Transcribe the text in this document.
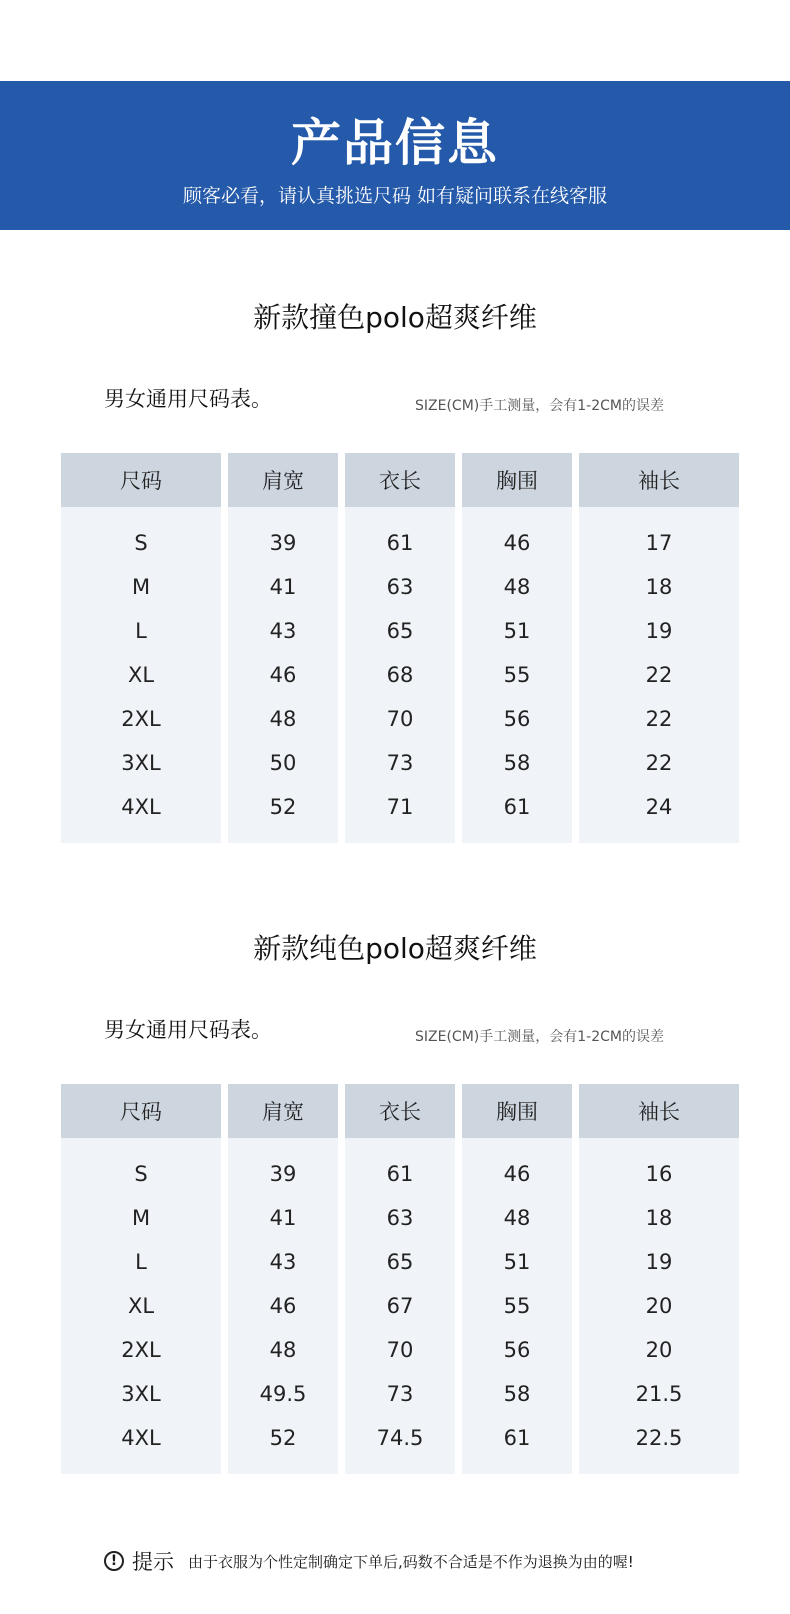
产品信息
顾客必看，请认真挑选尺码 如有疑问联系在线客服
新款撞色polo超爽纤维
男女通用尺码表。	SIZE(CM)手工测量，会有1-2CM的误差
尺码	肩宽	衣长	胸围	袖长
S	39	61	46	17
M	41	63	48	18
L	43	65	51	19
XL	46	68	55	22
2XL	48	70	56	22
3XL	50	73	58	22
4XL	52	71	61	24
新款纯色polo超爽纤维
男女通用尺码表。	SIZE(CM)手工测量，会有1-2CM的误差
尺码	肩宽	衣长	胸围	袖长
S	39	61	46	16
M	41	63	48	18
L	43	65	51	19
XL	46	67	55	20
2XL	48	70	56	20
3XL	49.5	73	58	21.5
4XL	52	74.5	61	22.5
! 提示 由于衣服为个性定制确定下单后,码数不合适是不作为退换为由的喔!
